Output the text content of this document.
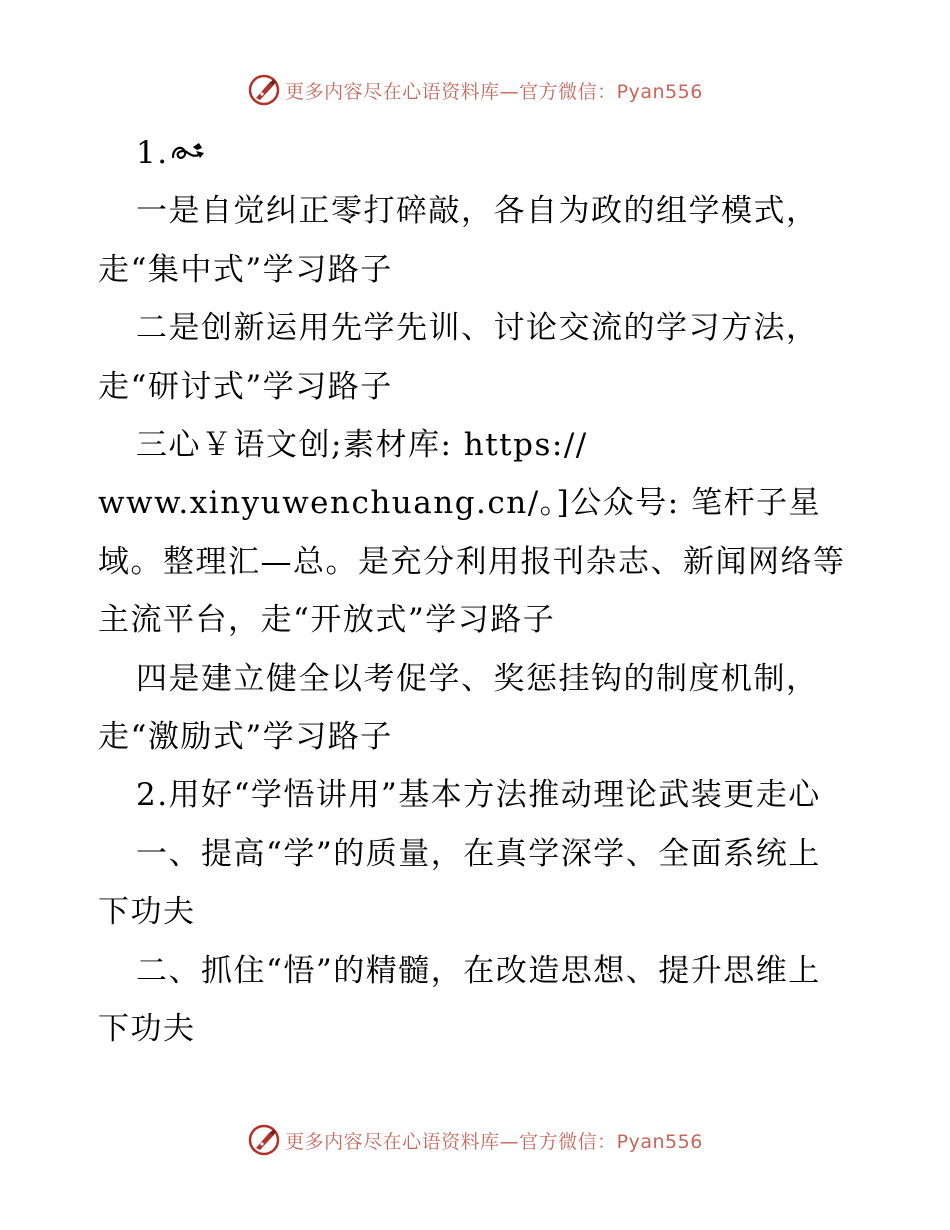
更多内容尽在心语资料库—官方微信：Pyan556

1.

一是自觉纠正零打碎敲，各自为政的组学模式，走“集中式”学习路子

二是创新运用先学先训、讨论交流的学习方法，走“研讨式”学习路子

三心￥语文创;素材库: https://

www.xinyuwenchuang.cn/。]公众号: 笔杆子星域。整理汇—总。是充分利用报刊杂志、新闻网络等主流平台，走“开放式”学习路子

四是建立健全以考促学、奖惩挂钩的制度机制，走“激励式”学习路子

2.用好“学悟讲用”基本方法推动理论武装更走心

一、提高“学”的质量，在真学深学、全面系统上下功夫

二、抓住“悟”的精髓，在改造思想、提升思维上下功夫

更多内容尽在心语资料库—官方微信：Pyan556
